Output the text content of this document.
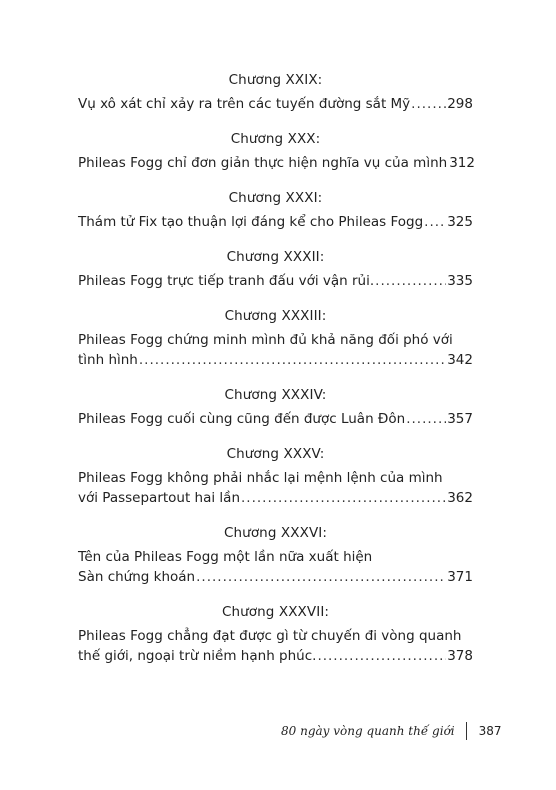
Chương XXIX:
Vụ xô xát chỉ xảy ra trên các tuyến đường sắt Mỹ .....	298
Chương XXX:
Phileas Fogg chỉ đơn giản thực hiện nghĩa vụ của mình 312
Chương XXXI:
Thám tử Fix tạo thuận lợi đáng kể cho Phileas Fogg ..... 325
Chương XXXII:
Phileas Fogg trực tiếp tranh đấu với vận rủi. .....	335
Chương XXXIII:
Phileas Fogg chứng minh mình đủ khả năng đối phó với
tình hình .....	342
Chương XXXIV:
Phileas Fogg cuối cùng cũng đến được Luân Đôn .....	357
Chương XXXV:
Phileas Fogg không phải nhắc lại mệnh lệnh của mình
với Passepartout hai lần .....	362
Chương XXXVI:
Tên của Phileas Fogg một lần nữa xuất hiện
Sàn chứng khoán .....	371
Chương XXXVII:
Phileas Fogg chẳng đạt được gì từ chuyến đi vòng quanh
thế giới, ngoại trừ niềm hạnh phúc. .....	378
80 ngày vòng quanh thế giới 387
